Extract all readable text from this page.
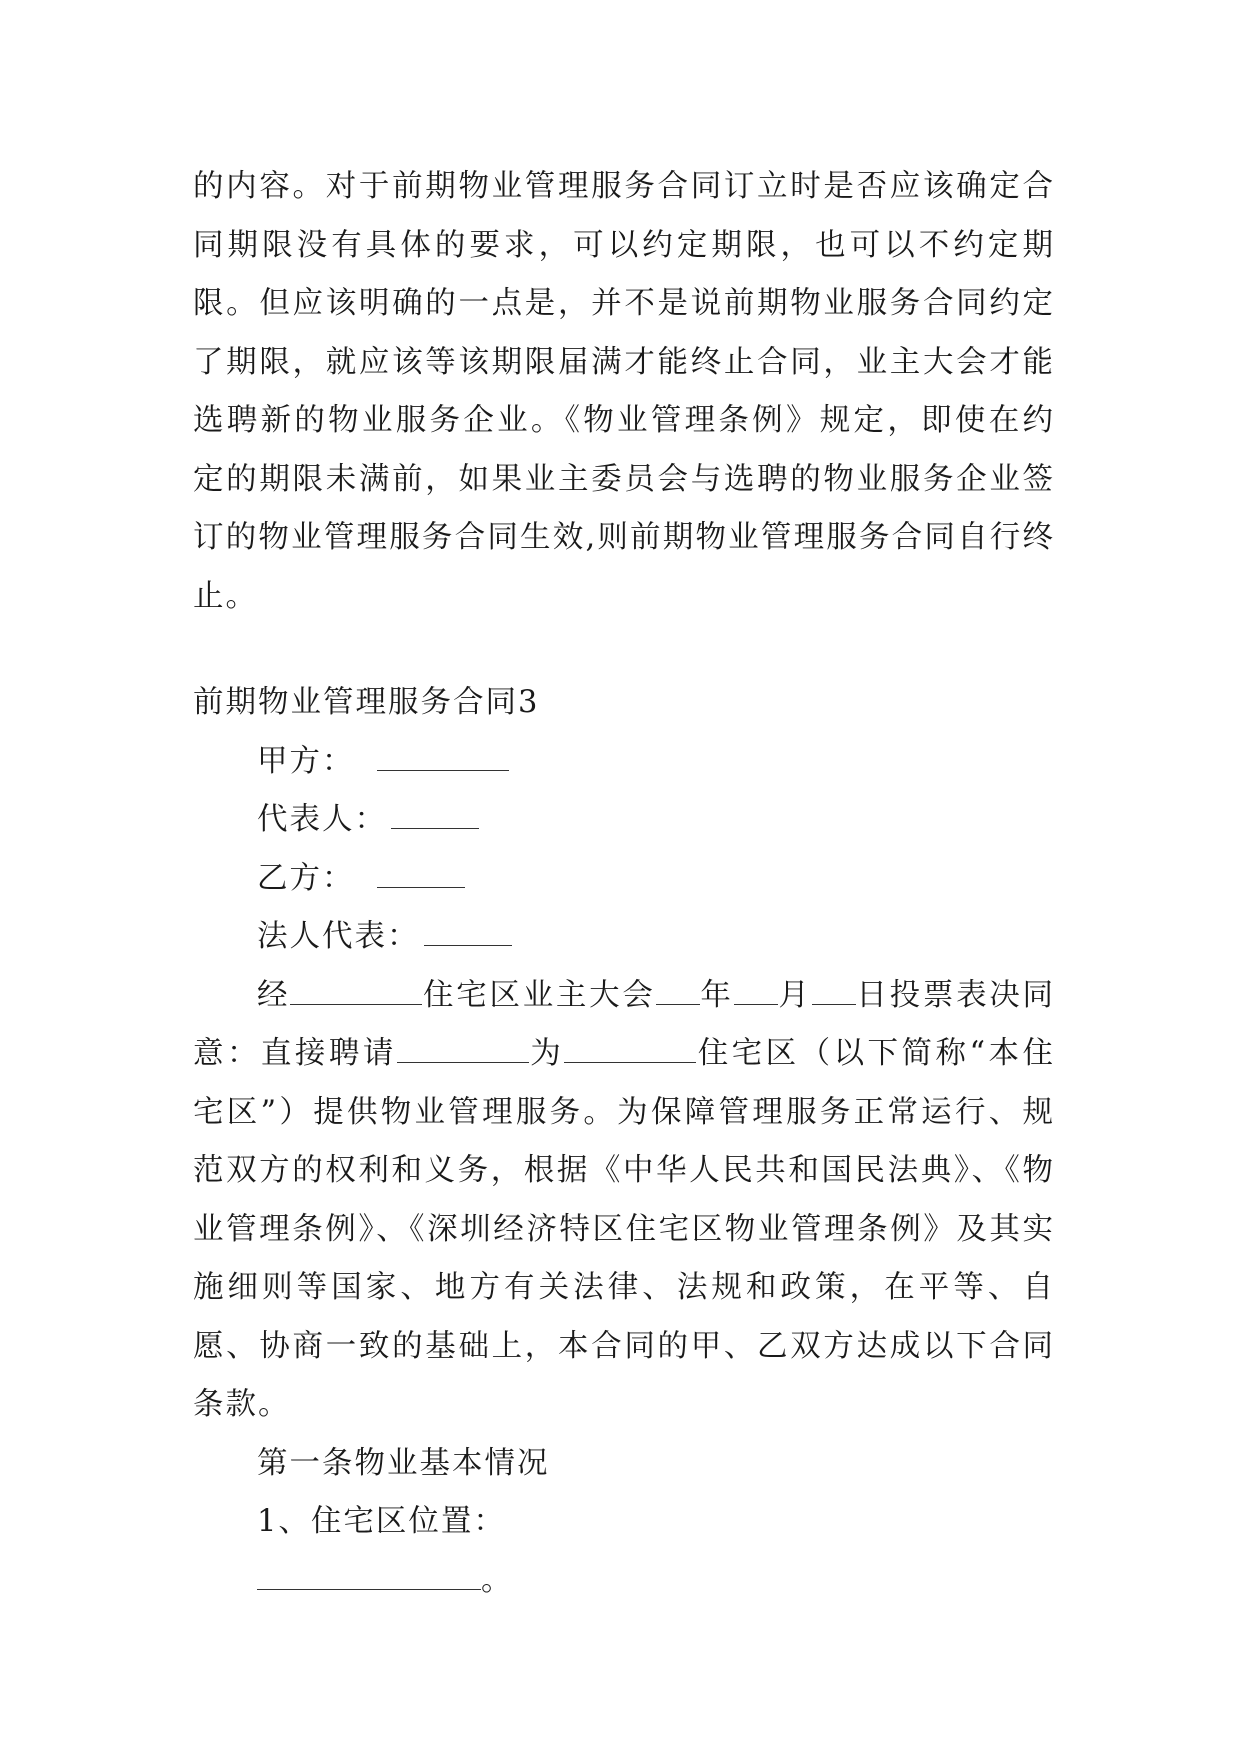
的内容。对于前期物业管理服务合同订立时是否应该确定合同期限没有具体的要求，可以约定期限，也可以不约定期限。但应该明确的一点是，并不是说前期物业服务合同约定了期限，就应该等该期限届满才能终止合同，业主大会才能选聘新的物业服务企业。《物业管理条例》规定，即使在约定的期限未满前，如果业主委员会与选聘的物业服务企业签订的物业管理服务合同生效,则前期物业管理服务合同自行终止。

前期物业管理服务合同3

甲方：

代表人：

乙方：

法人代表：

经	住宅区业主大会 年 月 日投票表决同意：直接聘请	为	住宅区（以下简称“本住宅区”）提供物业管理服务。为保障管理服务正常运行、规范双方的权利和义务，根据《中华人民共和国民法典》、《物业管理条例》、《深圳经济特区住宅区物业管理条例》及其实施细则等国家、地方有关法律、法规和政策，在平等、自愿、协商一致的基础上，本合同的甲、乙双方达成以下合同条款。

第一条物业基本情况

1、住宅区位置：

。
